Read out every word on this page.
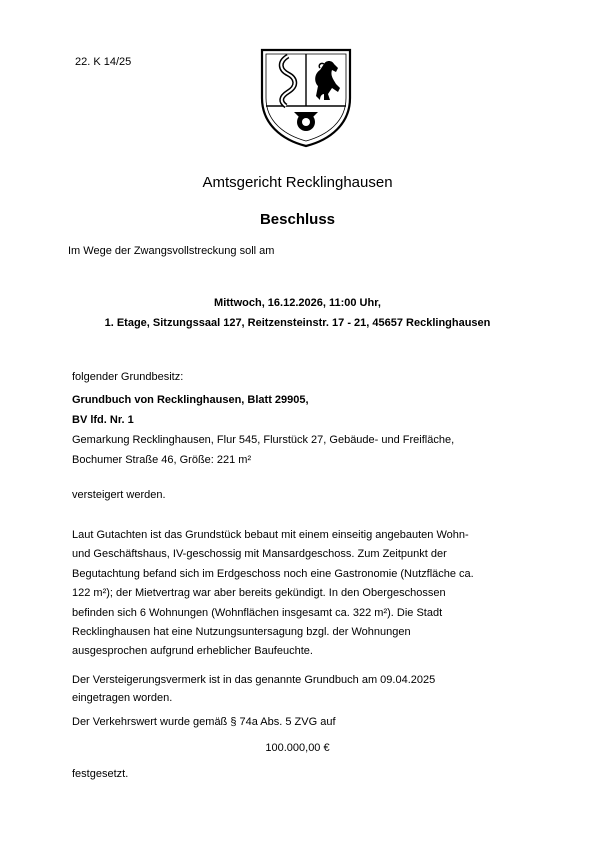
22. K 14/25
Amtsgericht Recklinghausen
Beschluss
Im Wege der Zwangsvollstreckung soll am
Mittwoch, 16.12.2026, 11:00 Uhr,
1. Etage, Sitzungssaal 127, Reitzensteinstr. 17 - 21, 45657 Recklinghausen
folgender Grundbesitz:
Grundbuch von Recklinghausen, Blatt 29905,
BV lfd. Nr. 1
Gemarkung Recklinghausen, Flur 545, Flurstück 27, Gebäude- und Freifläche,
Bochumer Straße 46, Größe: 221 m²
versteigert werden.
Laut Gutachten ist das Grundstück bebaut mit einem einseitig angebauten Wohn-
und Geschäftshaus, IV-geschossig mit Mansardgeschoss. Zum Zeitpunkt der
Begutachtung befand sich im Erdgeschoss noch eine Gastronomie (Nutzfläche ca.
122 m²); der Mietvertrag war aber bereits gekündigt. In den Obergeschossen
befinden sich 6 Wohnungen (Wohnflächen insgesamt ca. 322 m²). Die Stadt
Recklinghausen hat eine Nutzungsuntersagung bzgl. der Wohnungen
ausgesprochen aufgrund erheblicher Baufeuchte.
Der Versteigerungsvermerk ist in das genannte Grundbuch am 09.04.2025
eingetragen worden.
Der Verkehrswert wurde gemäß § 74a Abs. 5 ZVG auf
100.000,00 €
festgesetzt.
